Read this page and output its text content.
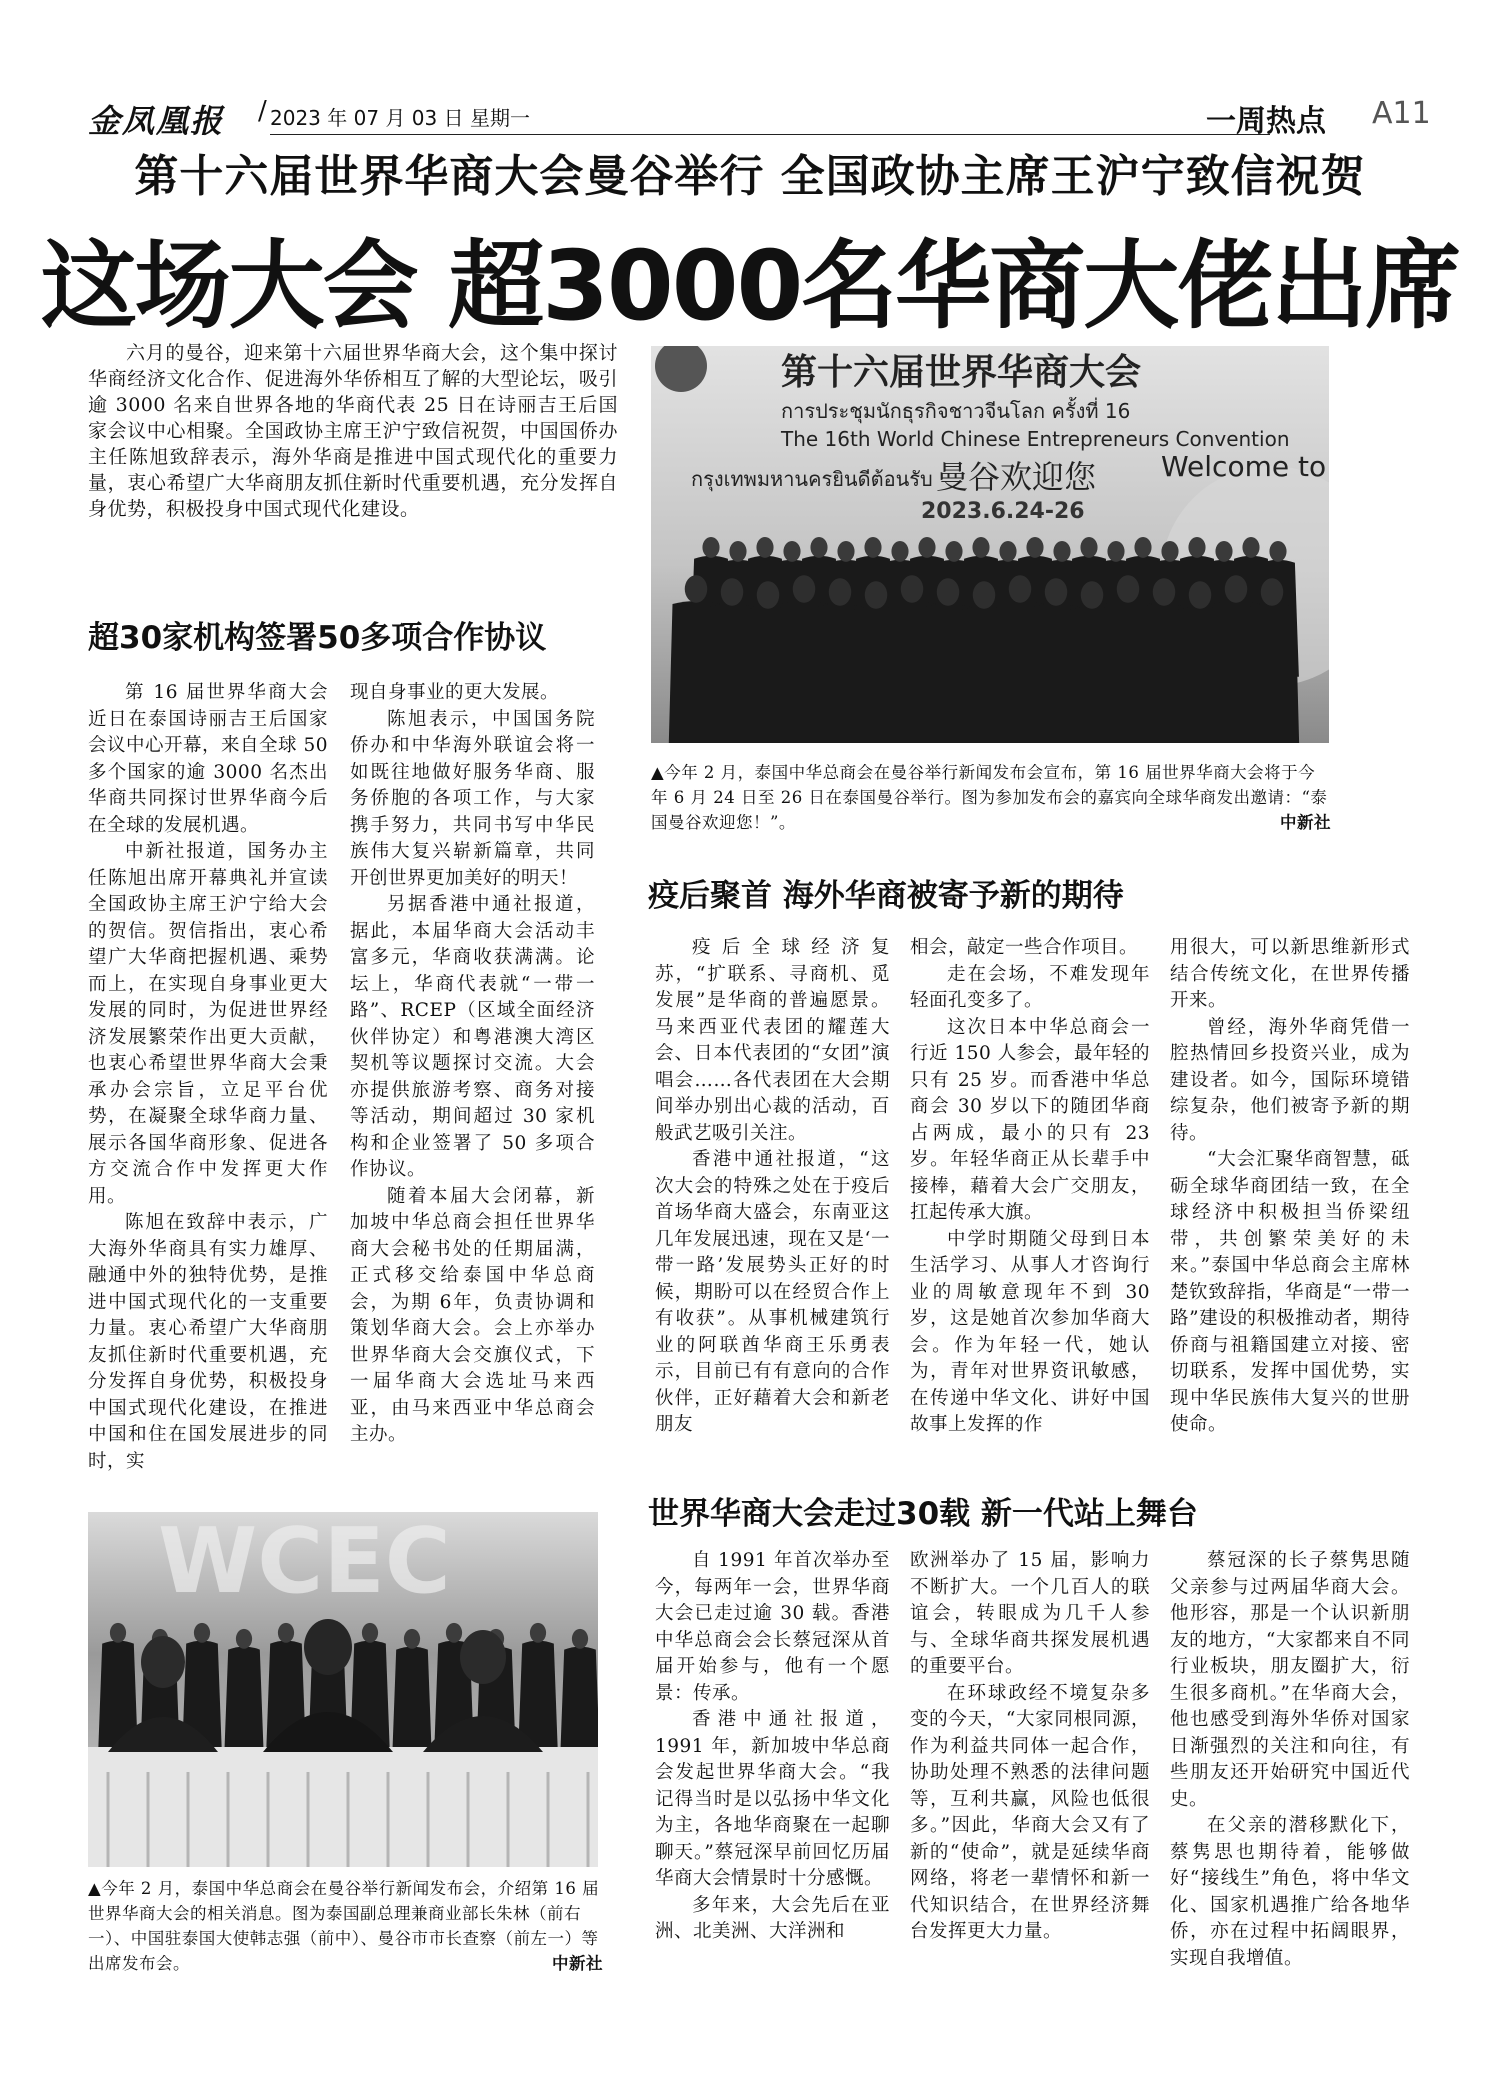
金凤凰报 / 2023 年 07 月 03 日 星期一	一周热点 A11
第十六届世界华商大会曼谷举行 全国政协主席王沪宁致信祝贺
这场大会 超3000名华商大佬出席

六月的曼谷，迎来第十六届世界华商大会，这个集中探讨华商经济文化合作、促进海外华侨相互了解的大型论坛，吸引逾 3000 名来自世界各地的华商代表 25 日在诗丽吉王后国家会议中心相聚。全国政协主席王沪宁致信祝贺，中国国侨办主任陈旭致辞表示，海外华商是推进中国式现代化的重要力量，衷心希望广大华商朋友抓住新时代重要机遇，充分发挥自身优势，积极投身中国式现代化建设。

超30家机构签署50多项合作协议

第 16 届世界华商大会近日在泰国诗丽吉王后国家会议中心开幕，来自全球 50 多个国家的逾 3000 名杰出华商共同探讨世界华商今后在全球的发展机遇。

中新社报道，国务办主任陈旭出席开幕典礼并宣读全国政协主席王沪宁给大会的贺信。贺信指出，衷心希望广大华商把握机遇、乘势而上，在实现自身事业更大发展的同时，为促进世界经济发展繁荣作出更大贡献，也衷心希望世界华商大会秉承办会宗旨，立足平台优势，在凝聚全球华商力量、展示各国华商形象、促进各方交流合作中发挥更大作用。

陈旭在致辞中表示，广大海外华商具有实力雄厚、融通中外的独特优势，是推进中国式现代化的一支重要力量。衷心希望广大华商朋友抓住新时代重要机遇，充分发挥自身优势，积极投身中国式现代化建设，在推进中国和住在国发展进步的同时，实

现自身事业的更大发展。

陈旭表示，中国国务院侨办和中华海外联谊会将一如既往地做好服务华商、服务侨胞的各项工作，与大家携手努力，共同书写中华民族伟大复兴崭新篇章，共同开创世界更加美好的明天！

另据香港中通社报道，据此，本届华商大会活动丰富多元，华商收获满满。论坛上，华商代表就“一带一路”、RCEP（区域全面经济伙伴协定）和粤港澳大湾区契机等议题探讨交流。大会亦提供旅游考察、商务对接等活动，期间超过 30 家机构和企业签署了 50 多项合作协议。

随着本届大会闭幕，新加坡中华总商会担任世界华商大会秘书处的任期届满，正式移交给泰国中华总商会，为期 6年，负责协调和策划华商大会。会上亦举办世界华商大会交旗仪式，下一届华商大会选址马来西亚，由马来西亚中华总商会主办。

第十六届世界华商大会
การประชุมนักธุรกิจชาวจีนโลก ครั้งที่ 16
The 16th World Chinese Entrepreneurs Convention
กรุงเทพมหานครยินดีต้อนรับ 曼谷欢迎您 Welcome to
2023.6.24-26
▲今年 2 月，泰国中华总商会在曼谷举行新闻发布会宣布，第 16 届世界华商大会将于今年 6 月 24 日至 26 日在泰国曼谷举行。图为参加发布会的嘉宾向全球华商发出邀请：“泰国曼谷欢迎您！”。	中新社
疫后聚首 海外华商被寄予新的期待

疫后全球经济复苏，“扩联系、寻商机、觅发展”是华商的普遍愿景。马来西亚代表团的耀莲大会、日本代表团的“女团”演唱会……各代表团在大会期间举办别出心裁的活动，百般武艺吸引关注。

香港中通社报道，“这次大会的特殊之处在于疫后首场华商大盛会，东南亚这几年发展迅速，现在又是‘一带一路’发展势头正好的时候，期盼可以在经贸合作上有收获”。从事机械建筑行业的阿联酋华商王乐勇表示，目前已有有意向的合作伙伴，正好藉着大会和新老朋友

相会，敲定一些合作项目。

走在会场，不难发现年轻面孔变多了。

这次日本中华总商会一行近 150 人参会，最年轻的只有 25 岁。而香港中华总商会 30 岁以下的随团华商占两成，最小的只有 23 岁。年轻华商正从长辈手中接棒，藉着大会广交朋友，扛起传承大旗。

中学时期随父母到日本生活学习、从事人才咨询行业的周敏意现年不到 30 岁，这是她首次参加华商大会。作为年轻一代，她认为，青年对世界资讯敏感，在传递中华文化、讲好中国故事上发挥的作

用很大，可以新思维新形式结合传统文化，在世界传播开来。

曾经，海外华商凭借一腔热情回乡投资兴业，成为建设者。如今，国际环境错综复杂，他们被寄予新的期待。

“大会汇聚华商智慧，砥砺全球华商团结一致，在全球经济中积极担当侨梁纽带，共创繁荣美好的未来。”泰国中华总商会主席林楚钦致辞指，华商是“一带一路”建设的积极推动者，期待侨商与祖籍国建立对接、密切联系，发挥中国优势，实现中华民族伟大复兴的世册使命。

世界华商大会走过30载 新一代站上舞台

自 1991 年首次举办至今，每两年一会，世界华商大会已走过逾 30 载。香港中华总商会会长蔡冠深从首届开始参与，他有一个愿景：传承。

香港中通社报道，1991 年，新加坡中华总商会发起世界华商大会。“我记得当时是以弘扬中华文化为主，各地华商聚在一起聊聊天。”蔡冠深早前回忆历届华商大会情景时十分感慨。

多年来，大会先后在亚洲、北美洲、大洋洲和

欧洲举办了 15 届，影响力不断扩大。一个几百人的联谊会，转眼成为几千人参与、全球华商共探发展机遇的重要平台。

在环球政经不境复杂多变的今天，“大家同根同源，作为利益共同体一起合作，协助处理不熟悉的法律问题等，互利共赢，风险也低很多。”因此，华商大会又有了新的“使命”，就是延续华商网络，将老一辈情怀和新一代知识结合，在世界经济舞台发挥更大力量。

蔡冠深的长子蔡隽思随父亲参与过两届华商大会。他形容，那是一个认识新朋友的地方，“大家都来自不同行业板块，朋友圈扩大，衍生很多商机。”在华商大会，他也感受到海外华侨对国家日渐强烈的关注和向往，有些朋友还开始研究中国近代史。

在父亲的潜移默化下，蔡隽思也期待着，能够做好“接线生”角色，将中华文化、国家机遇推广给各地华侨，亦在过程中拓阔眼界，实现自我增值。

WCEC
▲今年 2 月，泰国中华总商会在曼谷举行新闻发布会，介绍第 16 届世界华商大会的相关消息。图为泰国副总理兼商业部长朱林（前右一）、中国驻泰国大使韩志强（前中）、曼谷市市长查察（前左一）等出席发布会。	中新社
